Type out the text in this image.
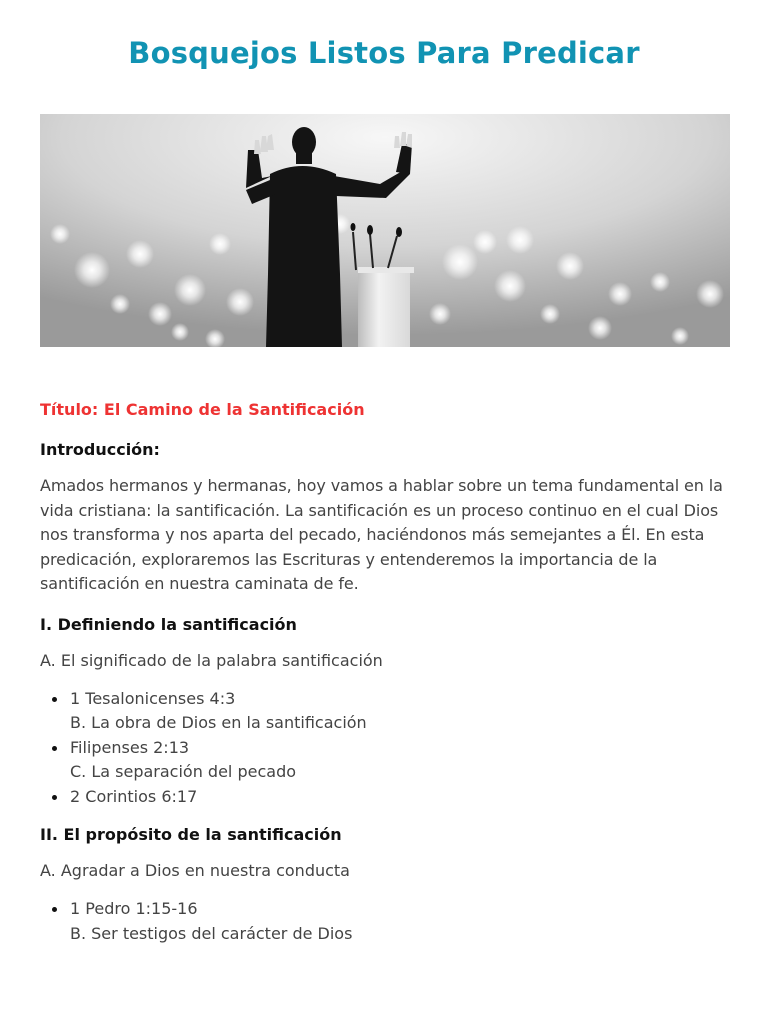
Bosquejos Listos Para Predicar

Título: El Camino de la Santificación

Introducción:

Amados hermanos y hermanas, hoy vamos a hablar sobre un tema fundamental en la vida cristiana: la santificación. La santificación es un proceso continuo en el cual Dios nos transforma y nos aparta del pecado, haciéndonos más semejantes a Él. En esta predicación, exploraremos las Escrituras y entenderemos la importancia de la santificación en nuestra caminata de fe.

I. Definiendo la santificación

A. El significado de la palabra santificación

1 Tesalonicenses 4:3
B. La obra de Dios en la santificación
Filipenses 2:13
C. La separación del pecado
2 Corintios 6:17
II. El propósito de la santificación

A. Agradar a Dios en nuestra conducta

1 Pedro 1:15-16
B. Ser testigos del carácter de Dios
